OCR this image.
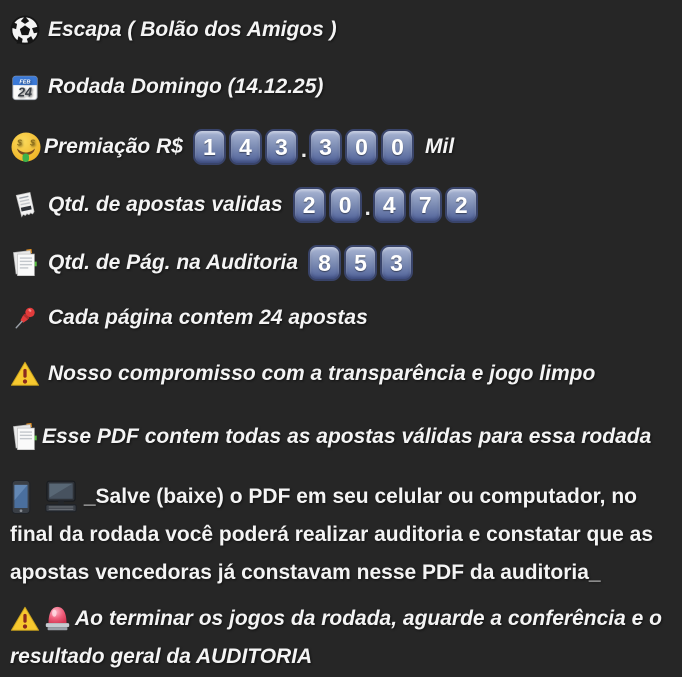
Escapa ( Bolão dos Amigos )
FEB
24 Rodada Domingo (14.12.25)
$ $ Premiação R$ 1	4	3 . 3	0	0	Mil
Qtd. de apostas validas 2	0 . 4	7	2
Qtd. de Pág. na Auditoria 8	5	3
Cada página contem 24 apostas
Nosso compromisso com a transparência e jogo limpo
Esse PDF contem todas as apostas válidas para essa rodada
_Salve (baixe) o PDF em seu celular ou computador, no final da rodada você poderá realizar auditoria e constatar que as apostas vencedoras já constavam nesse PDF da auditoria_
Ao terminar os jogos da rodada, aguarde a conferência e o resultado geral da AUDITORIA
